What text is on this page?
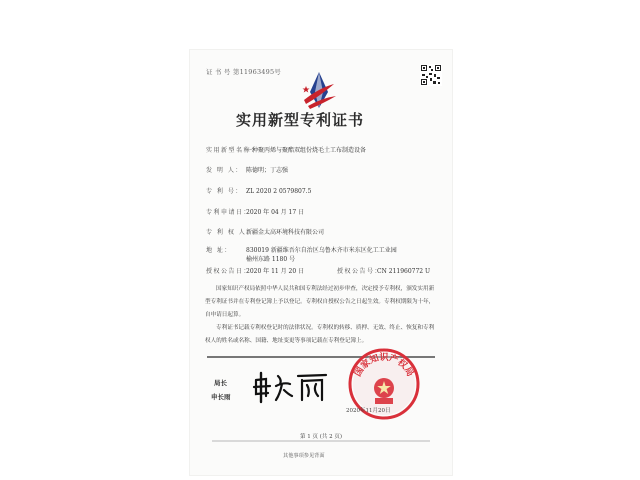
证 书 号 第11963495号
实用新型专利证书
实用新型名称：一种聚丙烯与聚酯双组份烧毛土工布制造设备
发 明 人： 陈德明；丁志强
专 利 号： ZL 2020 2 0579807.5
专利申请日：2020 年 04 月 17 日
专 利 权 人：新疆金太高环境科技有限公司
地 址： 830019 新疆维吾尔自治区乌鲁木齐市米东区化工工业园
榆州东路 1180 号
授权公告日：2020 年 11 月 20 日	授权公告号：CN 211960772 U
国家知识产权局依照中华人民共和国专利法经过初步审查，决定授予专利权，颁发实用新型专利证书并在专利登记簿上予以登记。专利权自授权公告之日起生效。专利权期限为十年，自申请日起算。
专利证书记载专利权登记时的法律状况。专利权的转移、质押、无效、终止、恢复和专利权人的姓名或名称、国籍、地址变更等事项记载在专利登记簿上。
局长
申长雨
国家知识产权局
2020年11月20日
第 1 页 (共 2 页)
其他事项参见背面
